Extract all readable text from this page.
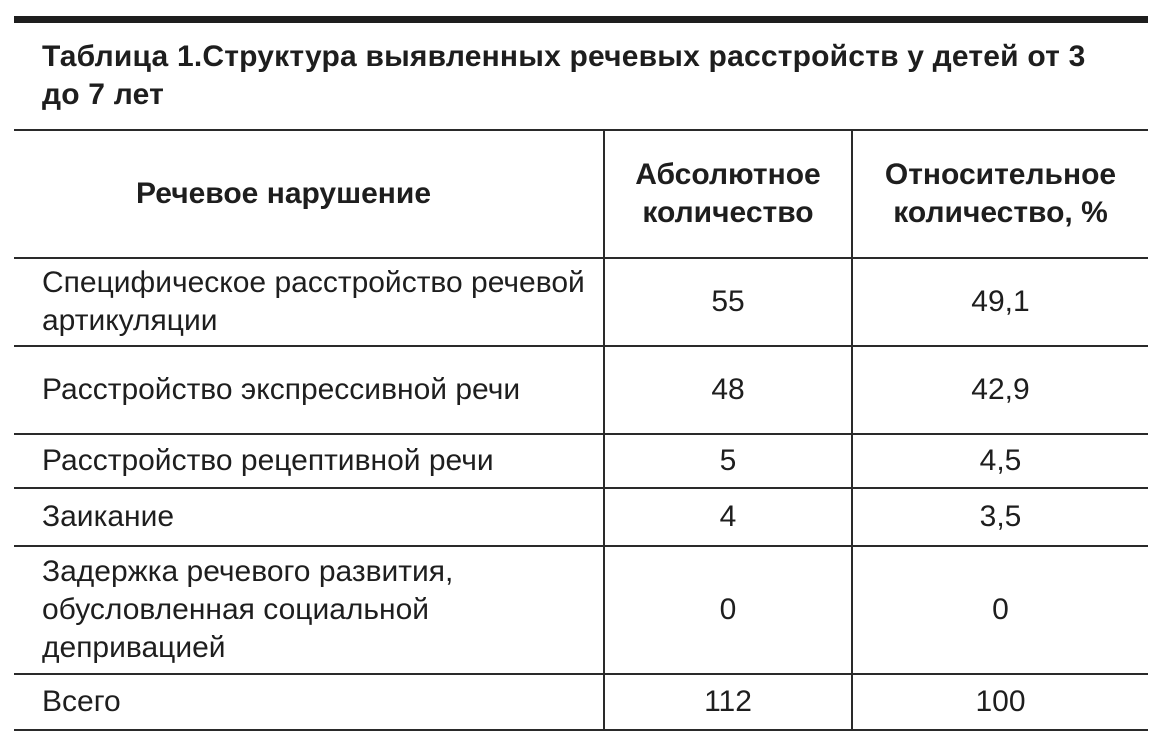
Таблица 1.Структура выявленных речевых расстройств у детей от 3 до 7 лет
Речевое нарушение	Абсолютное количество	Относительное количество, %
Специфическое расстройство речевой артикуляции	55	49,1
Расстройство экспрессивной речи	48	42,9
Расстройство рецептивной речи	5	4,5
Заикание	4	3,5
Задержка речевого развития, обусловленная социальной депривацией	0	0
Всего	112	100
